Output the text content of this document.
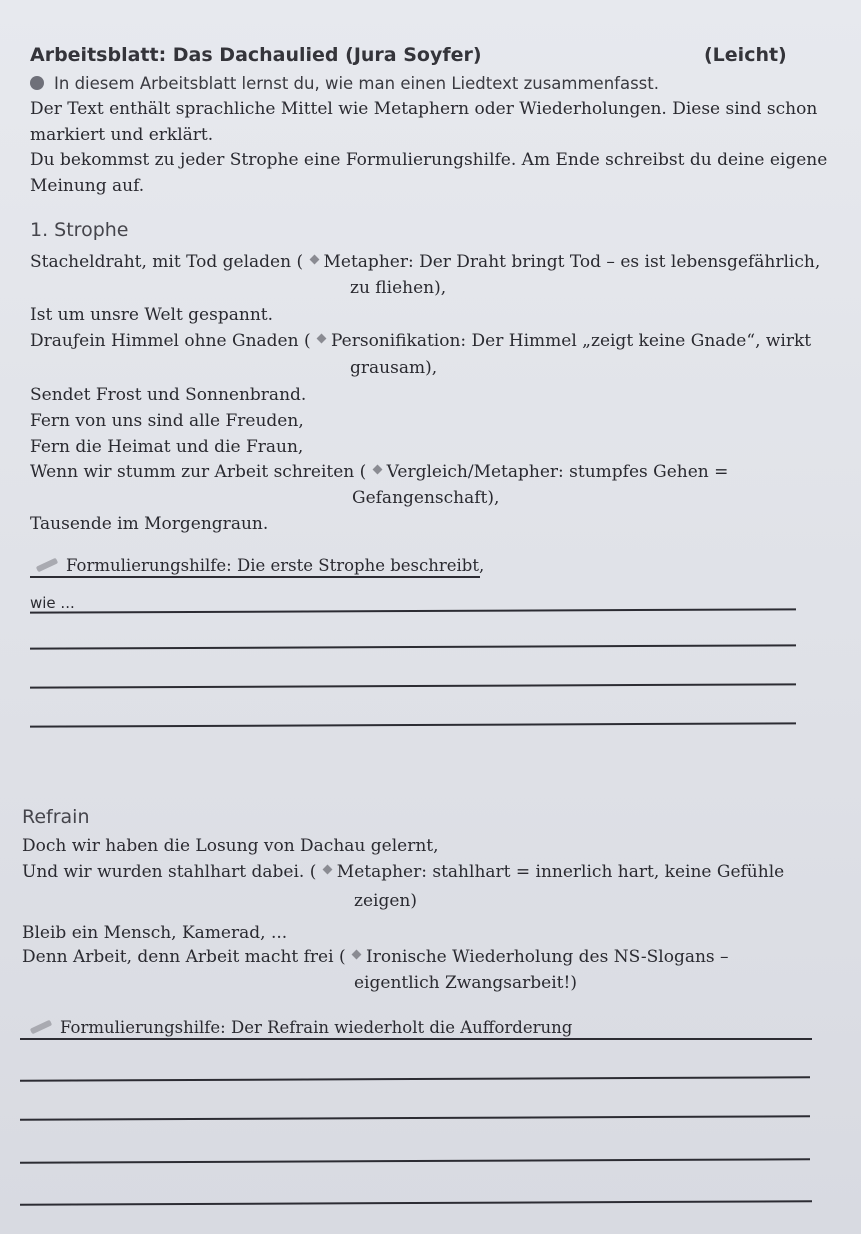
Arbeitsblatt: Das Dachaulied (Jura Soyfer)	(Leicht)
In diesem Arbeitsblatt lernst du, wie man einen Liedtext zusammenfasst.
Der Text enthält sprachliche Mittel wie Metaphern oder Wiederholungen. Diese sind schon
markiert und erklärt.
Du bekommst zu jeder Strophe eine Formulierungshilfe. Am Ende schreibst du deine eigene
Meinung auf.
1. Strophe
Stacheldraht, mit Tod geladen ( Metapher: Der Draht bringt Tod – es ist lebensgefährlich,
zu fliehen),
Ist um unsre Welt gespannt.
Drauƒein Himmel ohne Gnaden ( Personifikation: Der Himmel „zeigt keine Gnade“, wirkt
grausam),
Sendet Frost und Sonnenbrand.
Fern von uns sind alle Freuden,
Fern die Heimat und die Fraun,
Wenn wir stumm zur Arbeit schreiten ( Vergleich/Metapher: stumpfes Gehen =
Gefangenschaft),
Tausende im Morgengraun.
Formulierungshilfe: Die erste Strophe beschreibt,
wie ...
Refrain
Doch wir haben die Losung von Dachau gelernt,
Und wir wurden stahlhart dabei. ( Metapher: stahlhart = innerlich hart, keine Gefühle
zeigen)
Bleib ein Mensch, Kamerad, ...
Denn Arbeit, denn Arbeit macht frei ( Ironische Wiederholung des NS-Slogans –
eigentlich Zwangsarbeit!)
Formulierungshilfe: Der Refrain wiederholt die Aufforderung
